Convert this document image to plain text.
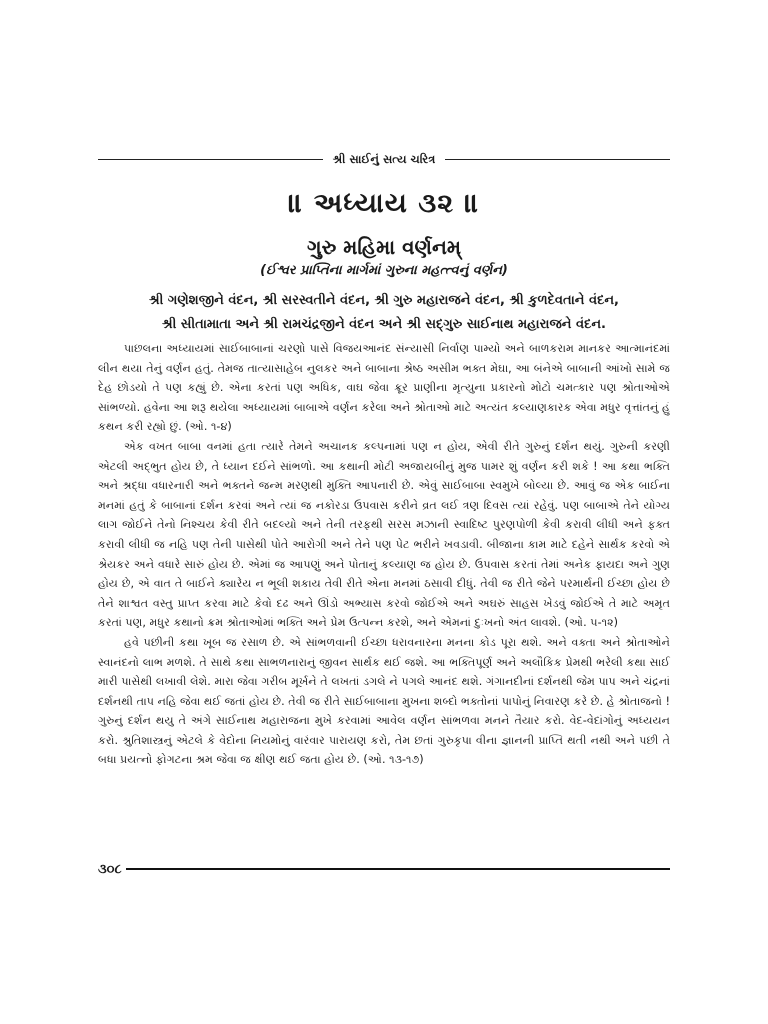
શ્રી સાઈનું સત્ય ચરિત્ર
॥ અધ્યાય ૩૨ ॥
ગુરુ મહિમા વર્ણનમ્
(ઈશ્વર પ્રાપ્તિના માર્ગમાં ગુરુના મહત્ત્વનું વર્ણન)
શ્રી ગણેશજીને વંદન, શ્રી સરસ્વતીને વંદન, શ્રી ગુરુ મહારાજને વંદન, શ્રી કુળદેવતાને વંદન,
શ્રી સીતામાતા અને શ્રી રામચંદ્રજીને વંદન અને શ્રી સદ્ગુરુ સાઈનાથ મહારાજને વંદન.

પાછલના અધ્યાયમાં સાઈબાબાનાં ચરણો પાસે વિજયઆનંદ સંન્યાસી નિર્વાણ પામ્યો અને બાળકરામ માનકર આત્માનંદમાં લીન થયા તેનું વર્ણન હતું. તેમજ તાત્યાસાહેબ નુલકર અને બાબાના શ્રેષ્ઠ અસીમ ભક્ત મેઘા, આ બંનેએ બાબાની આંખો સામે જ દેહ છોડયો તે પણ કહ્યું છે. એના કરતાં પણ અધિક, વાઘ જેવા ક્રૂર પ્રાણીના મૃત્યુના પ્રકારનો મોટો ચમત્કાર પણ શ્રોતાઓએ સાંભળ્યો. હવેના આ શરૂ થયેલા અધ્યાયમાં બાબાએ વર્ણન કરેલા અને શ્રોતાઓ માટે અત્યંત કલ્યાણકારક એવા મધુર વૃત્તાંતનું હું કથન કરી રહ્યો છું. (ઓ. ૧-૪)

એક વખત બાબા વનમાં હતા ત્યારે તેમને અચાનક કલ્પનામાં પણ ન હોય, એવી રીતે ગુરુનું દર્શન થયું. ગુરુની કરણી એટલી અદ્ભુત હોય છે, તે ધ્યાન દઈને સાંભળો. આ કથાની મોટી અજાયબીનું મુજ પામર શું વર્ણન કરી શકે ! આ કથા ભક્તિ અને શ્રદ્ધા વધારનારી અને ભક્તને જન્મ મરણથી મુક્તિ આપનારી છે. એવું સાઈબાબા સ્વમુખે બોલ્યા છે. આવું જ એક બાઈના મનમાં હતું કે બાબાનાં દર્શન કરવાં અને ત્યાં જ નકોરડા ઉપવાસ કરીને વ્રત લઈ ત્રણ દિવસ ત્યાં રહેવું. પણ બાબાએ તેને યોગ્ય લાગ જોઈને તેનો નિશ્ચય કેવી રીતે બદલ્યો અને તેની તરફથી સરસ મઝાની સ્વાદિષ્ટ પુરણપોળી કેવી કરાવી લીધી અને ફક્ત કરાવી લીધી જ નહિ પણ તેની પાસેથી પોતે આરોગી અને તેને પણ પેટ ભરીને ખવડાવી. બીજાના કામ માટે દહેને સાર્થક કરવો એ શ્રેયકર અને વધારે સારું હોય છે. એમાં જ આપણું અને પોતાનું કલ્યાણ જ હોય છે. ઉપવાસ કરતાં તેમાં અનેક ફાયદા અને ગુણ હોય છે, એ વાત તે બાઈને ક્યારેય ન ભૂલી શકાય તેવી રીતે એના મનમાં ઠસાવી દીધું. તેવી જ રીતે જેને પરમાર્થની ઈચ્છા હોય છે તેને શાશ્વત વસ્તુ પ્રાપ્ત કરવા માટે કેવો દઢ અને ઊંડો અભ્યાસ કરવો જોઈએ અને અઘરું સાહસ ખેડવું જોઈએ તે માટે અમૃત કરતાં પણ, મધુર કથાનો ક્રમ શ્રોતાઓમાં ભક્તિ અને પ્રેમ ઉત્પન્ન કરશે, અને એમનાં દુઃખનો અંત લાવશે. (ઓ. ૫-૧૨)

હવે પછીની કથા ખૂબ જ રસાળ છે. એ સાંભળવાની ઈચ્છા ધરાવનારના મનના કોડ પૂરા થશે. અને વક્તા અને શ્રોતાઓને સ્વાનંદનો લાભ મળશે. તે સાથે કથા સાભળનારાનું જીવન સાર્થક થઈ જશે. આ ભક્તિપૂર્ણ અને અલૌકિક પ્રેમથી ભરેલી કથા સાઈ મારી પાસેથી લખાવી લેશે. મારા જેવા ગરીબ મૂર્ખને તે લખતાં ડગલે ને પગલે આનંદ થશે. ગંગાનદીનાં દર્શનથી જેમ પાપ અને ચંદ્રનાં દર્શનથી તાપ નહિ જેવા થઈ જતાં હોય છે. તેવી જ રીતે સાઈબાબાના મુખના શબ્દો ભક્તોનાં પાપોનું નિવારણ કરે છે. હે શ્રોતાજનો ! ગુરુનું દર્શન થયુ તે અંગે સાઈનાથ મહારાજના મુખે કરવામાં આવેલ વર્ણન સાંભળવા મનને તૈયાર કરો. વેદ-વેદાંગોનું અધ્યયન કરો. શ્રુતિશાસ્ત્રનું એટલે કે વેદોના નિયમોનું વારંવાર પારાયણ કરો, તેમ છતાં ગુરુકૃપા વીના જ્ઞાનની પ્રાપ્તિ થતી નથી અને પછી તે બધા પ્રયત્નો ફોગટના શ્રમ જેવા જ ક્ષીણ થઈ જતા હોય છે. (ઓ. ૧૩-૧૭)

૩૦૮
